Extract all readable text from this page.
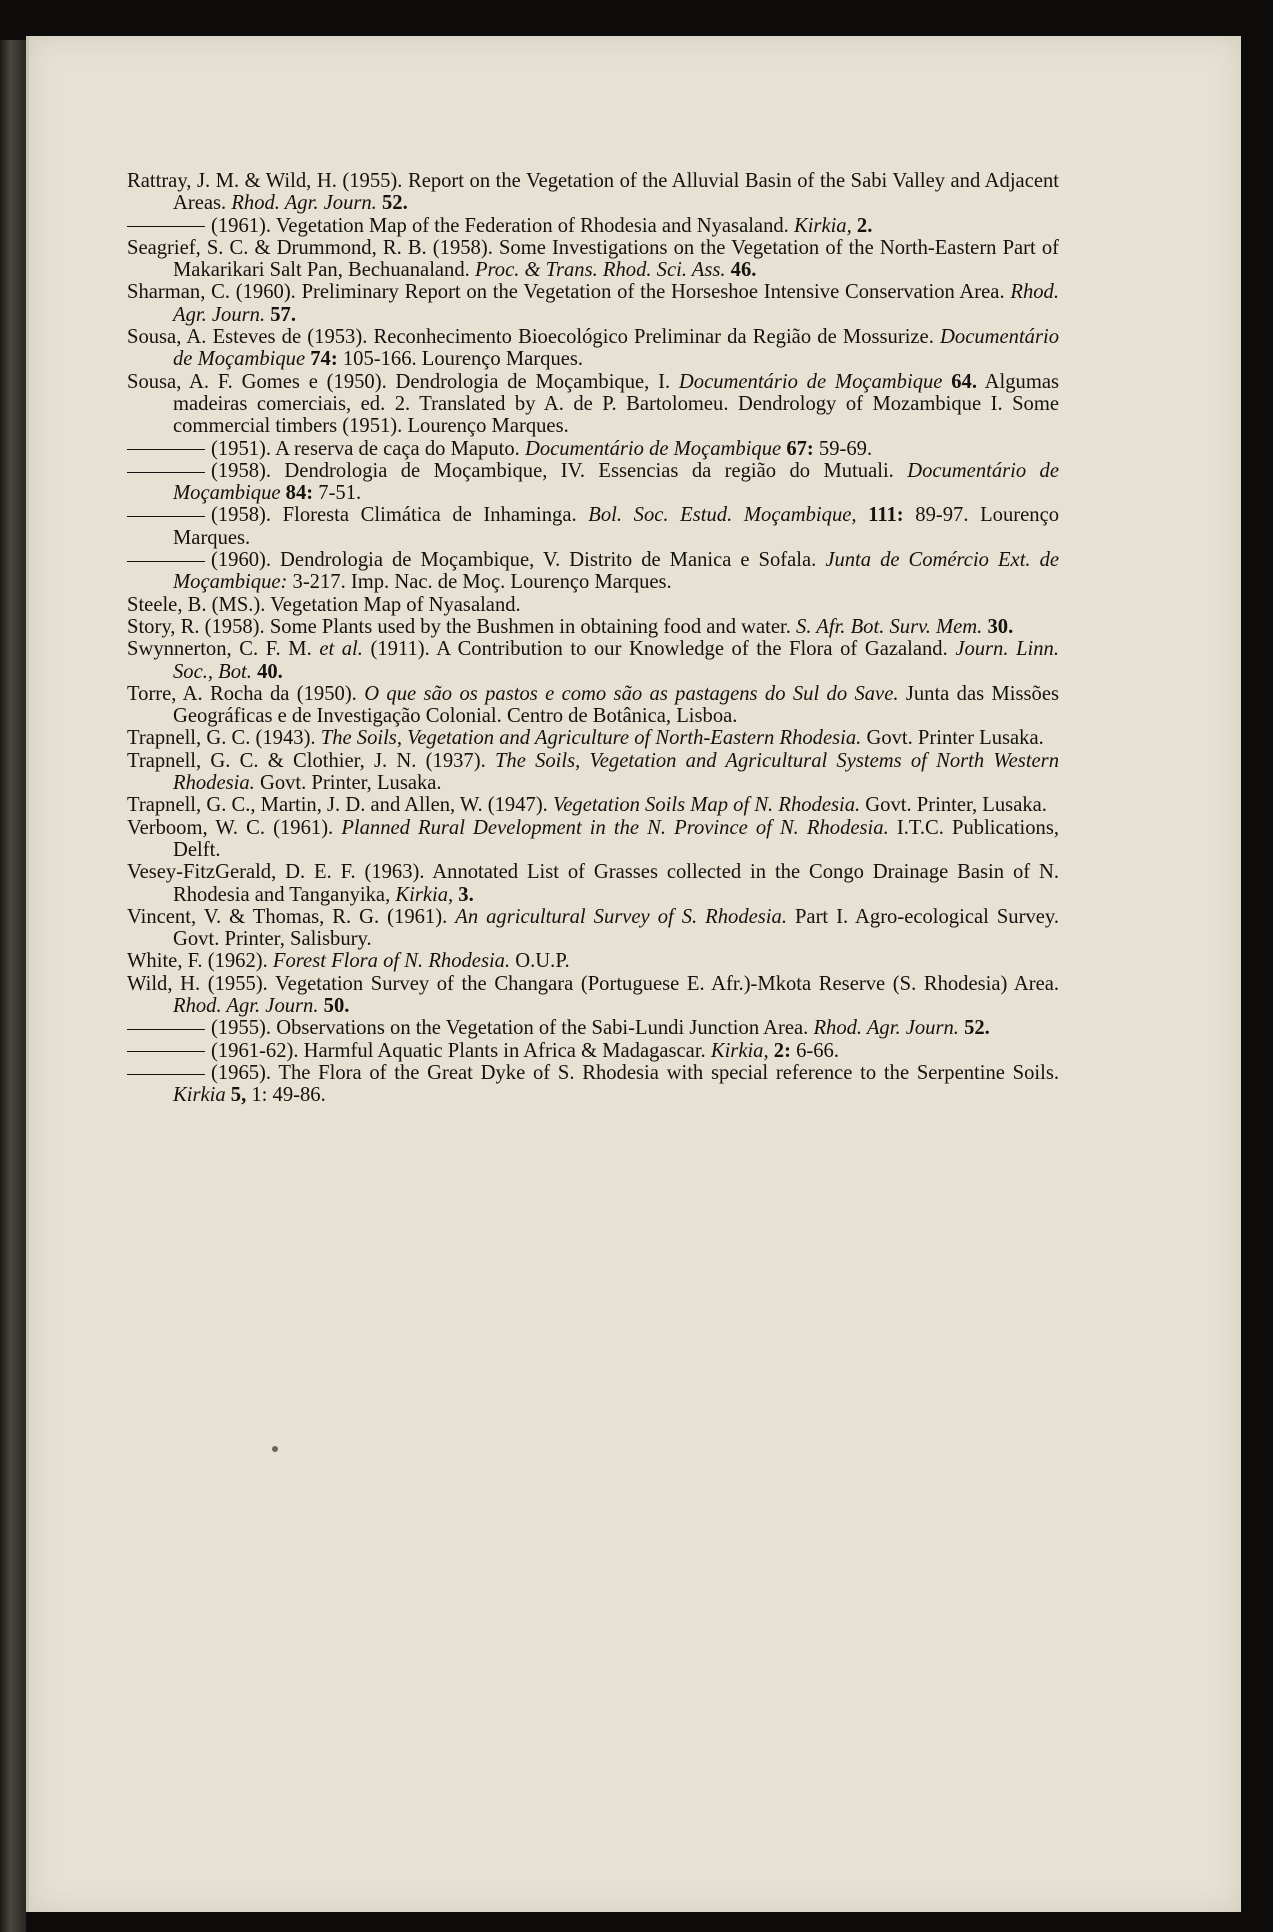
Rattray, J. M. & Wild, H. (1955). Report on the Vegetation of the Alluvial Basin of the Sabi Valley and Adjacent Areas. Rhod. Agr. Journ. 52.
(1961). Vegetation Map of the Federation of Rhodesia and Nyasaland. Kirkia, 2.
Seagrief, S. C. & Drummond, R. B. (1958). Some Investigations on the Vegetation of the North-Eastern Part of Makarikari Salt Pan, Bechuanaland. Proc. & Trans. Rhod. Sci. Ass. 46.
Sharman, C. (1960). Preliminary Report on the Vegetation of the Horseshoe Intensive Conservation Area. Rhod. Agr. Journ. 57.
Sousa, A. Esteves de (1953). Reconhecimento Bioecológico Preliminar da Região de Mossurize. Documentário de Moçambique 74: 105-166. Lourenço Marques.
Sousa, A. F. Gomes e (1950). Dendrologia de Moçambique, I. Documentário de Moçambique 64. Algumas madeiras comerciais, ed. 2. Translated by A. de P. Bartolomeu. Dendrology of Mozambique I. Some commercial timbers (1951). Lourenço Marques.
(1951). A reserva de caça do Maputo. Documentário de Moçambique 67: 59-69.
(1958). Dendrologia de Moçambique, IV. Essencias da região do Mutuali. Documentário de Moçambique 84: 7-51.
(1958). Floresta Climática de Inhaminga. Bol. Soc. Estud. Moçambique, 111: 89-97. Lourenço Marques.
(1960). Dendrologia de Moçambique, V. Distrito de Manica e Sofala. Junta de Comércio Ext. de Moçambique: 3-217. Imp. Nac. de Moç. Lourenço Marques.
Steele, B. (MS.). Vegetation Map of Nyasaland.
Story, R. (1958). Some Plants used by the Bushmen in obtaining food and water. S. Afr. Bot. Surv. Mem. 30.
Swynnerton, C. F. M. et al. (1911). A Contribution to our Knowledge of the Flora of Gazaland. Journ. Linn. Soc., Bot. 40.
Torre, A. Rocha da (1950). O que são os pastos e como são as pastagens do Sul do Save. Junta das Missões Geográficas e de Investigação Colonial. Centro de Botânica, Lisboa.
Trapnell, G. C. (1943). The Soils, Vegetation and Agriculture of North-Eastern Rhodesia. Govt. Printer Lusaka.
Trapnell, G. C. & Clothier, J. N. (1937). The Soils, Vegetation and Agricultural Systems of North Western Rhodesia. Govt. Printer, Lusaka.
Trapnell, G. C., Martin, J. D. and Allen, W. (1947). Vegetation Soils Map of N. Rhodesia. Govt. Printer, Lusaka.
Verboom, W. C. (1961). Planned Rural Development in the N. Province of N. Rhodesia. I.T.C. Publications, Delft.
Vesey-FitzGerald, D. E. F. (1963). Annotated List of Grasses collected in the Congo Drainage Basin of N. Rhodesia and Tanganyika, Kirkia, 3.
Vincent, V. & Thomas, R. G. (1961). An agricultural Survey of S. Rhodesia. Part I. Agro-ecological Survey. Govt. Printer, Salisbury.
White, F. (1962). Forest Flora of N. Rhodesia. O.U.P.
Wild, H. (1955). Vegetation Survey of the Changara (Portuguese E. Afr.)-Mkota Reserve (S. Rhodesia) Area. Rhod. Agr. Journ. 50.
(1955). Observations on the Vegetation of the Sabi-Lundi Junction Area. Rhod. Agr. Journ. 52.
(1961-62). Harmful Aquatic Plants in Africa & Madagascar. Kirkia, 2: 6-66.
(1965). The Flora of the Great Dyke of S. Rhodesia with special reference to the Serpentine Soils. Kirkia 5, 1: 49-86.
